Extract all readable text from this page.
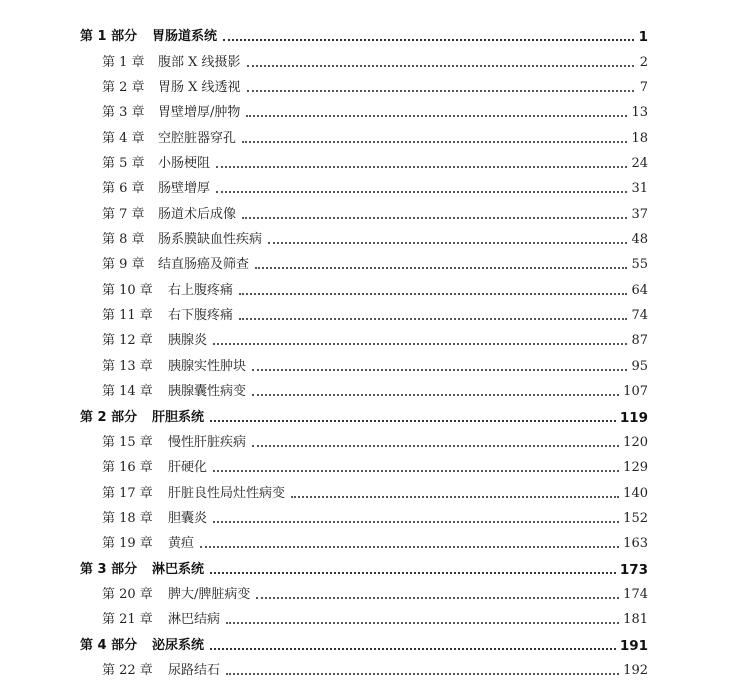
第 1 部分	胃肠道系统	1
第 1 章	腹部 X 线摄影	2
第 2 章	胃肠 X 线透视	7
第 3 章	胃壁增厚/肿物	13
第 4 章	空腔脏器穿孔	18
第 5 章	小肠梗阻	24
第 6 章	肠壁增厚	31
第 7 章	肠道术后成像	37
第 8 章	肠系膜缺血性疾病	48
第 9 章	结直肠癌及筛查	55
第 10 章	右上腹疼痛	64
第 11 章	右下腹疼痛	74
第 12 章	胰腺炎	87
第 13 章	胰腺实性肿块	95
第 14 章	胰腺囊性病变	107
第 2 部分	肝胆系统	119
第 15 章	慢性肝脏疾病	120
第 16 章	肝硬化	129
第 17 章	肝脏良性局灶性病变	140
第 18 章	胆囊炎	152
第 19 章	黄疸	163
第 3 部分	淋巴系统	173
第 20 章	脾大/脾脏病变	174
第 21 章	淋巴结病	181
第 4 部分	泌尿系统	191
第 22 章	尿路结石	192
